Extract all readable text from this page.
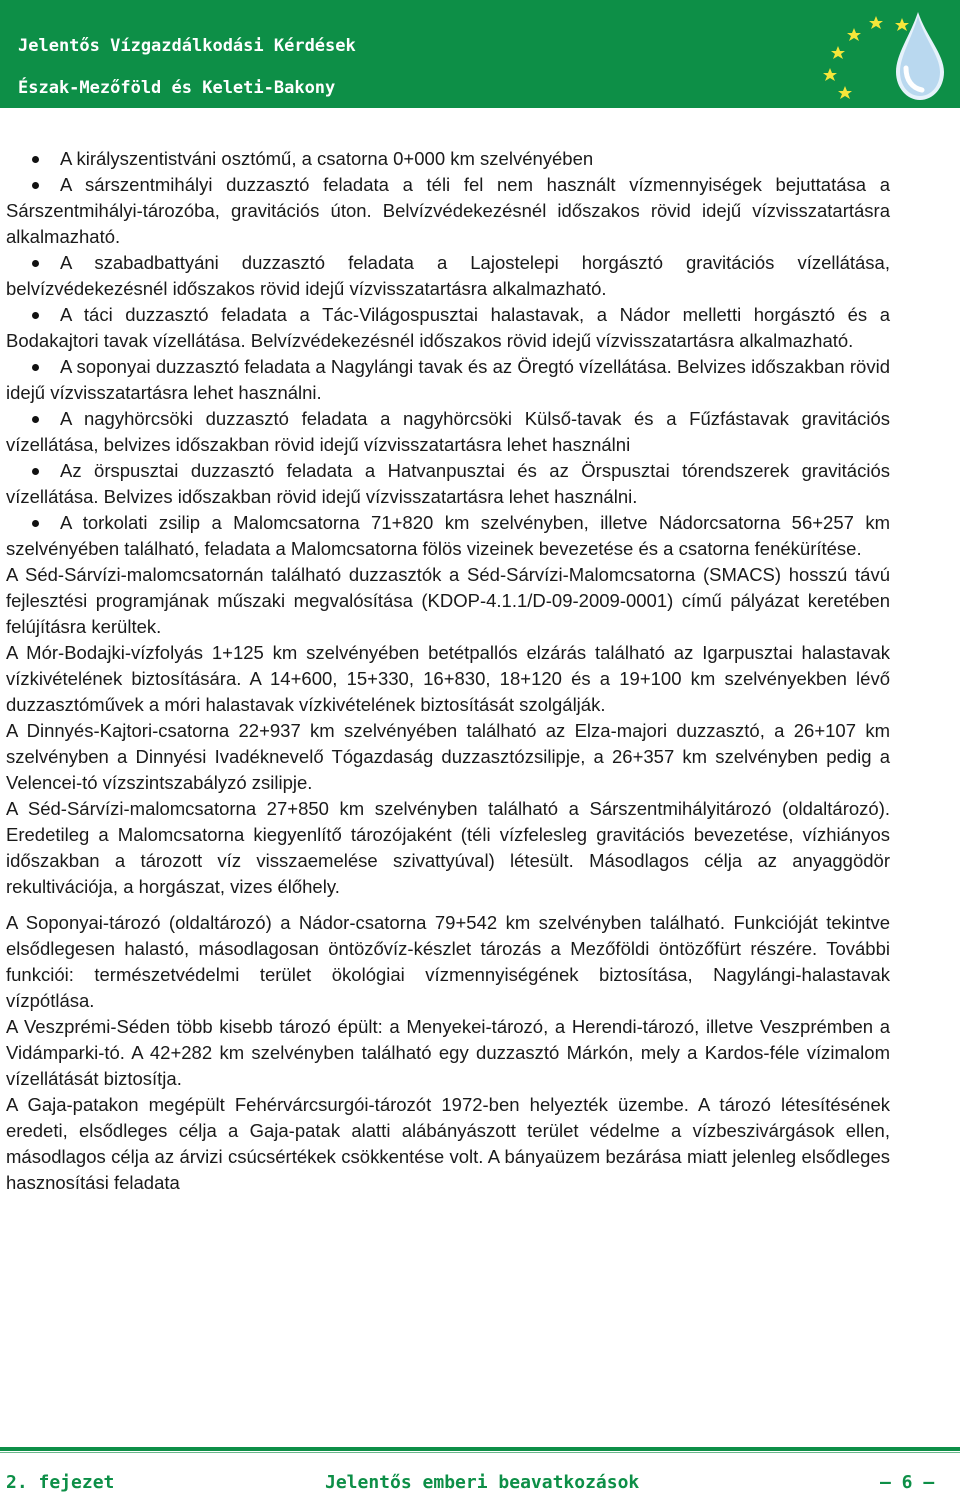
Jelentős Vízgazdálkodási Kérdések
Észak-Mezőföld és Keleti-Bakony
A királyszentistváni osztómű, a csatorna 0+000 km szelvényében
A sárszentmihályi duzzasztó feladata a téli fel nem használt vízmennyiségek bejuttatása a Sárszentmihályi-tározóba, gravitációs úton. Belvízvédekezésnél időszakos rövid idejű vízvisszatartásra alkalmazható.
A szabadbattyáni duzzasztó feladata a Lajostelepi horgásztó gravitációs vízellátása, belvízvédekezésnél időszakos rövid idejű vízvisszatartásra alkalmazható.
A táci duzzasztó feladata a Tác-Világospusztai halastavak, a Nádor melletti horgásztó és a Bodakajtori tavak vízellátása. Belvízvédekezésnél időszakos rövid idejű vízvisszatartásra alkalmazható.
A soponyai duzzasztó feladata a Nagylángi tavak és az Öregtó vízellátása. Belvizes időszakban rövid idejű vízvisszatartásra lehet használni.
A nagyhörcsöki duzzasztó feladata a nagyhörcsöki Külső-tavak és a Fűzfástavak gravitációs vízellátása, belvizes időszakban rövid idejű vízvisszatartásra lehet használni
Az örspusztai duzzasztó feladata a Hatvanpusztai és az Örspusztai tórendszerek gravitációs vízellátása. Belvizes időszakban rövid idejű vízvisszatartásra lehet használni.
A torkolati zsilip a Malomcsatorna 71+820 km szelvényben, illetve Nádorcsatorna 56+257 km szelvényében található, feladata a Malomcsatorna fölös vizeinek bevezetése és a csatorna fenékürítése.

A Séd-Sárvízi-malomcsatornán található duzzasztók a Séd-Sárvízi-Malomcsatorna (SMACS) hosszú távú fejlesztési programjának műszaki megvalósítása (KDOP-4.1.1/D-09-2009-0001) című pályázat keretében felújításra kerültek.

A Mór-Bodajki-vízfolyás 1+125 km szelvényében betétpallós elzárás található az Igarpusztai halastavak vízkivételének biztosítására. A 14+600, 15+330, 16+830, 18+120 és a 19+100 km szelvényekben lévő duzzasztóművek a móri halastavak vízkivételének biztosítását szolgálják.

A Dinnyés-Kajtori-csatorna 22+937 km szelvényében található az Elza-majori duzzasztó, a 26+107 km szelvényben a Dinnyési Ivadéknevelő Tógazdaság duzzasztózsilipje, a 26+357 km szelvényben pedig a Velencei-tó vízszintszabályzó zsilipje.

A Séd-Sárvízi-malomcsatorna 27+850 km szelvényben található a Sárszentmihályitározó (oldaltározó). Eredetileg a Malomcsatorna kiegyenlítő tározójaként (téli vízfelesleg gravitációs bevezetése, vízhiányos időszakban a tározott víz visszaemelése szivattyúval) létesült. Másodlagos célja az anyaggödör rekultivációja, a horgászat, vizes élőhely.

A Soponyai-tározó (oldaltározó) a Nádor-csatorna 79+542 km szelvényben található. Funkcióját tekintve elsődlegesen halastó, másodlagosan öntözővíz-készlet tározás a Mezőföldi öntözőfürt részére. További funkciói: természetvédelmi terület ökológiai vízmennyiségének biztosítása, Nagylángi-halastavak vízpótlása.

A Veszprémi-Séden több kisebb tározó épült: a Menyekei-tározó, a Herendi-tározó, illetve Veszprémben a Vidámparki-tó. A 42+282 km szelvényben található egy duzzasztó Márkón, mely a Kardos-féle vízimalom vízellátását biztosítja.

A Gaja-patakon megépült Fehérvárcsurgói-tározót 1972-ben helyezték üzembe. A tározó létesítésének eredeti, elsődleges célja a Gaja-patak alatti alábányászott terület védelme a vízbeszivárgások ellen, másodlagos célja az árvizi csúcsértékek csökkentése volt. A bányaüzem bezárása miatt jelenleg elsődleges hasznosítási feladata

2. fejezet	Jelentős emberi beavatkozások	– 6 –
